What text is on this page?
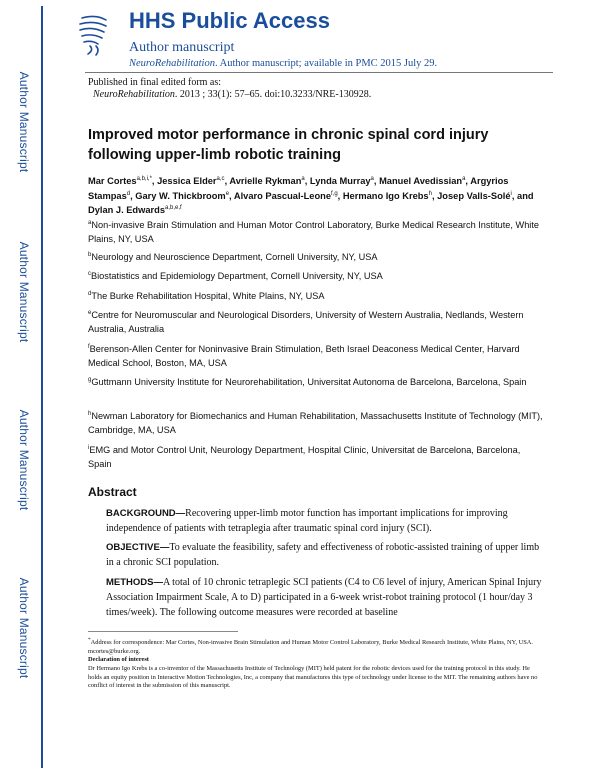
Author Manuscript
Author Manuscript
Author Manuscript
Author Manuscript
HHS Public Access
Author manuscript
NeuroRehabilitation. Author manuscript; available in PMC 2015 July 29.
Published in final edited form as:
NeuroRehabilitation. 2013 ; 33(1): 57–65. doi:10.3233/NRE-130928.
Improved motor performance in chronic spinal cord injury
following upper-limb robotic training
Mar Cortes$^{a,b,i,*}$, Jessica Elder$^{a,c}$, Avrielle Rykman$^a$, Lynda Murray$^a$, Manuel Avedissian$^a$, Argyrios Stampas$^d$, Gary W. Thickbroom$^e$, Alvaro Pascual-Leone$^{f,g}$, Hermano Igo Krebs$^h$, Josep Valls-Solé$^i$, and Dylan J. Edwards$^{a,b,e,f}$
$^a$Non-invasive Brain Stimulation and Human Motor Control Laboratory, Burke Medical Research Institute, White Plains, NY, USA
$^b$Neurology and Neuroscience Department, Cornell University, NY, USA
$^c$Biostatistics and Epidemiology Department, Cornell University, NY, USA
$^d$The Burke Rehabilitation Hospital, White Plains, NY, USA
$^e$Centre for Neuromuscular and Neurological Disorders, University of Western Australia, Nedlands, Western Australia, Australia
$^f$Berenson-Allen Center for Noninvasive Brain Stimulation, Beth Israel Deaconess Medical Center, Harvard Medical School, Boston, MA, USA
$^g$Guttmann University Institute for Neurorehabilitation, Universitat Autonoma de Barcelona, Barcelona, Spain
$^h$Newman Laboratory for Biomechanics and Human Rehabilitation, Massachusetts Institute of Technology (MIT), Cambridge, MA, USA
$^i$EMG and Motor Control Unit, Neurology Department, Hospital Clinic, Universitat de Barcelona, Barcelona, Spain
Abstract
BACKGROUND—Recovering upper-limb motor function has important implications for improving independence of patients with tetraplegia after traumatic spinal cord injury (SCI).
OBJECTIVE—To evaluate the feasibility, safety and effectiveness of robotic-assisted training of upper limb in a chronic SCI population.
METHODS—A total of 10 chronic tetraplegic SCI patients (C4 to C6 level of injury, American Spinal Injury Association Impairment Scale, A to D) participated in a 6-week wrist-robot training protocol (1 hour/day 3 times/week). The following outcome measures were recorded at baseline
*Address for correspondence: Mar Cortes, Non-invasive Brain Stimulation and Human Motor Control Laboratory, Burke Medical Research Institute, White Plains, NY, USA. mcortes@burke.org.
Declaration of interest
Dr Hermano Igo Krebs is a co-inventor of the Massachusetts Institute of Technology (MIT) held patent for the robotic devices used for the training protocol in this study. He holds an equity position in Interactive Motion Technologies, Inc, a company that manufactures this type of technology under license to the MIT. The remaining authors have no conflict of interest in the submission of this manuscript.
